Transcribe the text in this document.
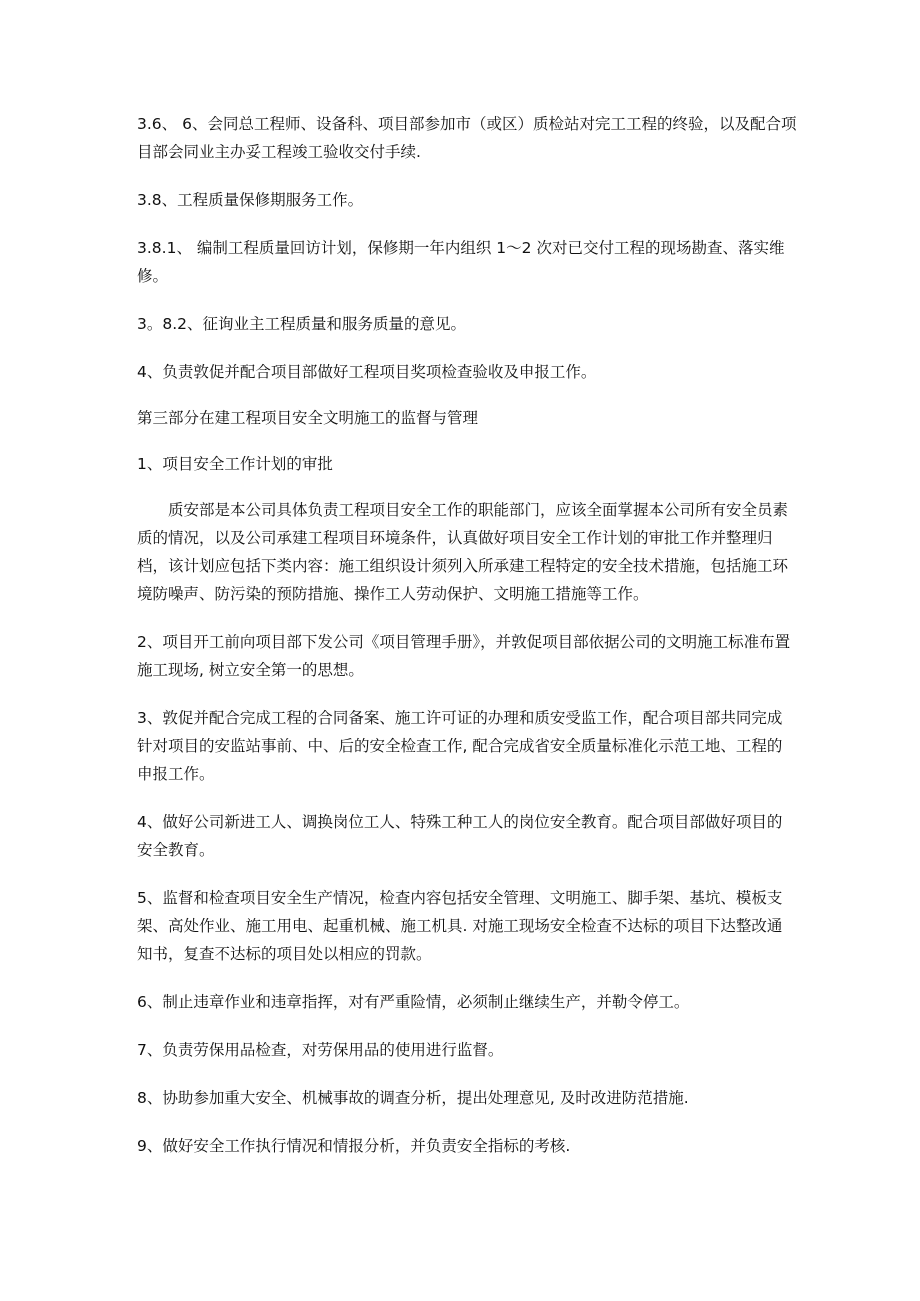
3.6、 6、会同总工程师、设备科、项目部参加市（或区）质检站对完工工程的终验，以及配合项目部会同业主办妥工程竣工验收交付手续.

3.8、工程质量保修期服务工作。

3.8.1、 编制工程质量回访计划，保修期一年内组织 1～2 次对已交付工程的现场勘查、落实维修。

3。8.2、征询业主工程质量和服务质量的意见。

4、负责敦促并配合项目部做好工程项目奖项检查验收及申报工作。

第三部分在建工程项目安全文明施工的监督与管理

1、项目安全工作计划的审批

质安部是本公司具体负责工程项目安全工作的职能部门，应该全面掌握本公司所有安全员素质的情况，以及公司承建工程项目环境条件，认真做好项目安全工作计划的审批工作并整理归档，该计划应包括下类内容：施工组织设计须列入所承建工程特定的安全技术措施，包括施工环境防噪声、防污染的预防措施、操作工人劳动保护、文明施工措施等工作。

2、项目开工前向项目部下发公司《项目管理手册》，并敦促项目部依据公司的文明施工标准布置施工现场, 树立安全第一的思想。

3、敦促并配合完成工程的合同备案、施工许可证的办理和质安受监工作，配合项目部共同完成针对项目的安监站事前、中、后的安全检查工作, 配合完成省安全质量标准化示范工地、工程的申报工作。

4、做好公司新进工人、调换岗位工人、特殊工种工人的岗位安全教育。配合项目部做好项目的安全教育。

5、监督和检查项目安全生产情况，检查内容包括安全管理、文明施工、脚手架、基坑、模板支架、高处作业、施工用电、起重机械、施工机具. 对施工现场安全检查不达标的项目下达整改通知书，复查不达标的项目处以相应的罚款。

6、制止违章作业和违章指挥，对有严重险情，必须制止继续生产，并勒令停工。

7、负责劳保用品检查，对劳保用品的使用进行监督。

8、协助参加重大安全、机械事故的调查分析，提出处理意见, 及时改进防范措施.

9、做好安全工作执行情况和情报分析，并负责安全指标的考核.
